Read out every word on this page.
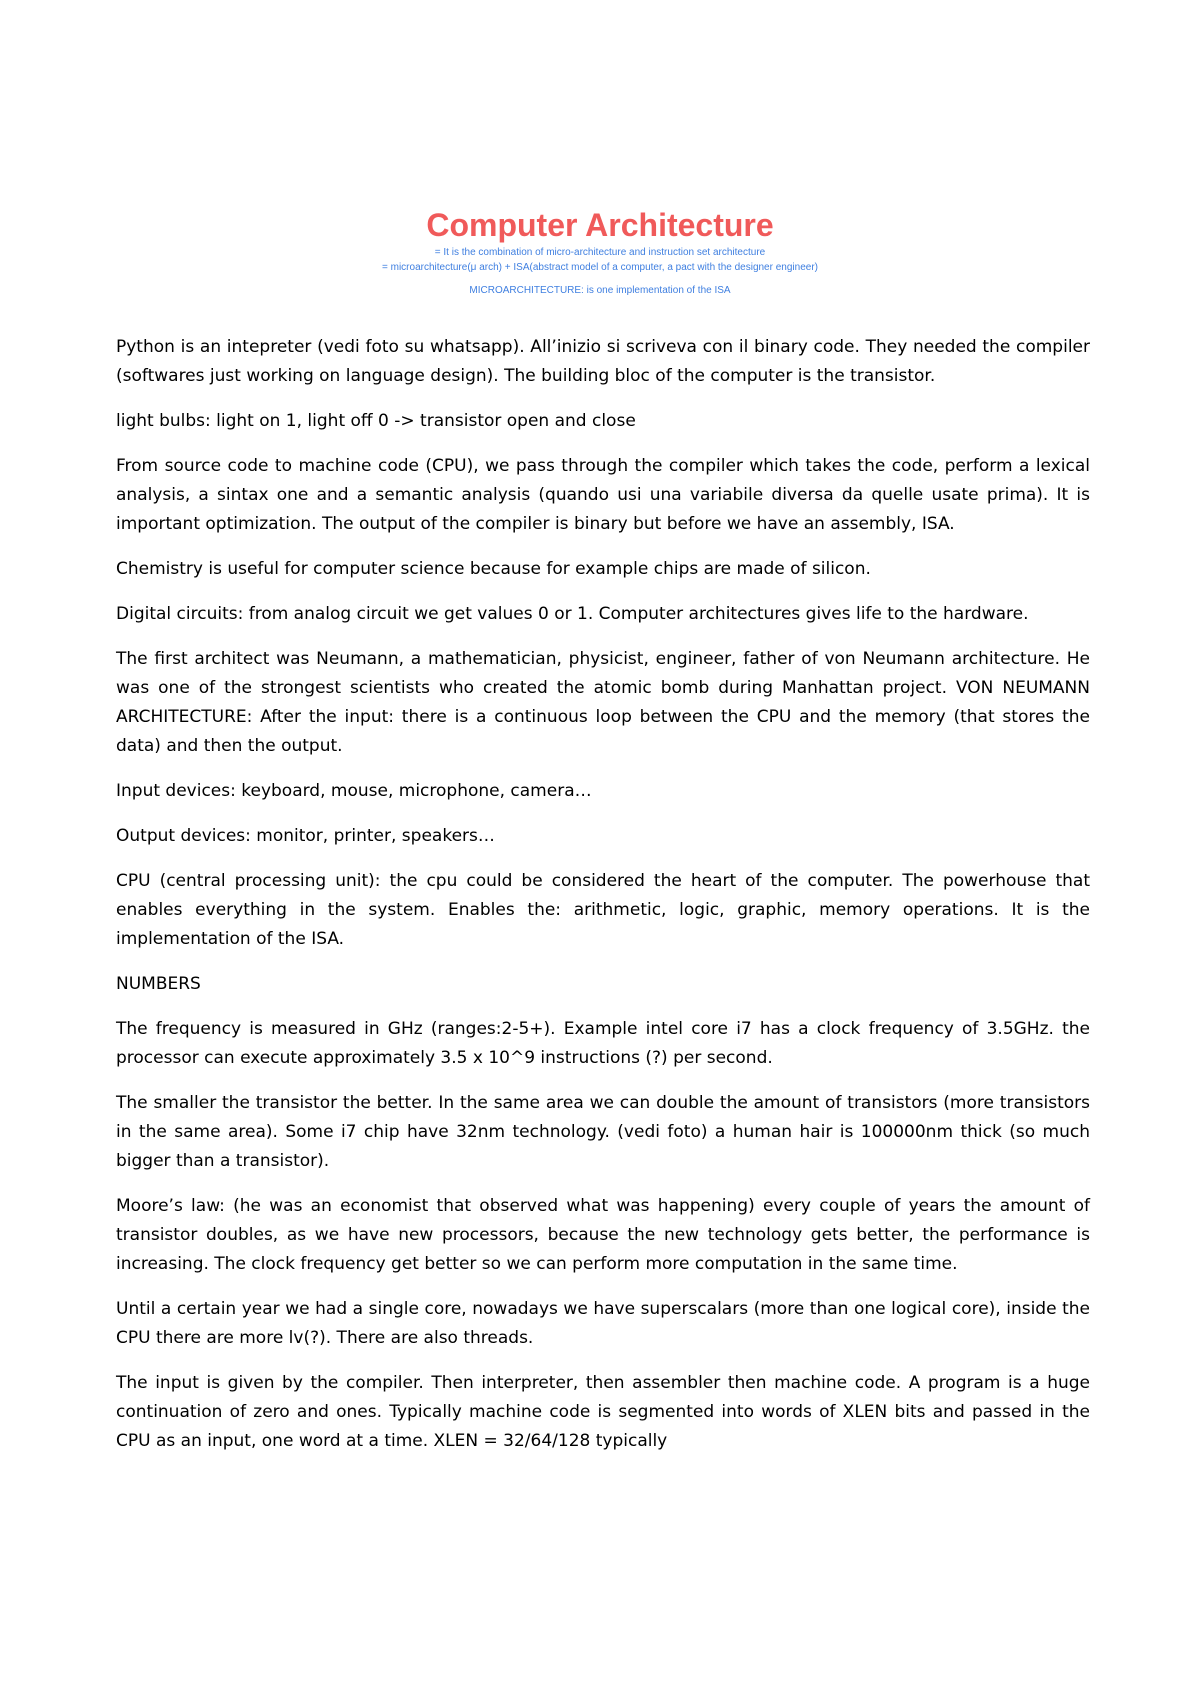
Computer Architecture

= It is the combination of micro-architecture and instruction set architecture

= microarchitecture(μ arch) + ISA(abstract model of a computer, a pact with the designer engineer)

MICROARCHITECTURE: is one implementation of the ISA

Python is an intepreter (vedi foto su whatsapp). All’inizio si scriveva con il binary code. They needed the compiler (softwares just working on language design). The building bloc of the computer is the transistor.

light bulbs: light on 1, light off 0 -> transistor open and close

From source code to machine code (CPU), we pass through the compiler which takes the code, perform a lexical analysis, a sintax one and a semantic analysis (quando usi una variabile diversa da quelle usate prima). It is important optimization. The output of the compiler is binary but before we have an assembly, ISA.

Chemistry is useful for computer science because for example chips are made of silicon.

Digital circuits: from analog circuit we get values 0 or 1. Computer architectures gives life to the hardware.

The first architect was Neumann, a mathematician, physicist, engineer, father of von Neumann architecture. He was one of the strongest scientists who created the atomic bomb during Manhattan project. VON NEUMANN ARCHITECTURE: After the input: there is a continuous loop between the CPU and the memory (that stores the data) and then the output.

Input devices: keyboard, mouse, microphone, camera…

Output devices: monitor, printer, speakers…

CPU (central processing unit): the cpu could be considered the heart of the computer. The powerhouse that enables everything in the system. Enables the: arithmetic, logic, graphic, memory operations. It is the implementation of the ISA.

NUMBERS

The frequency is measured in GHz (ranges:2-5+). Example intel core i7 has a clock frequency of 3.5GHz. the processor can execute approximately 3.5 x 10^9 instructions (?) per second.

The smaller the transistor the better. In the same area we can double the amount of transistors (more transistors in the same area). Some i7 chip have 32nm technology. (vedi foto) a human hair is 100000nm thick (so much bigger than a transistor).

Moore’s law: (he was an economist that observed what was happening) every couple of years the amount of transistor doubles, as we have new processors, because the new technology gets better, the performance is increasing. The clock frequency get better so we can perform more computation in the same time.

Until a certain year we had a single core, nowadays we have superscalars (more than one logical core), inside the CPU there are more lv(?). There are also threads.

The input is given by the compiler. Then interpreter, then assembler then machine code. A program is a huge continuation of zero and ones. Typically machine code is segmented into words of XLEN bits and passed in the CPU as an input, one word at a time. XLEN = 32/64/128 typically
